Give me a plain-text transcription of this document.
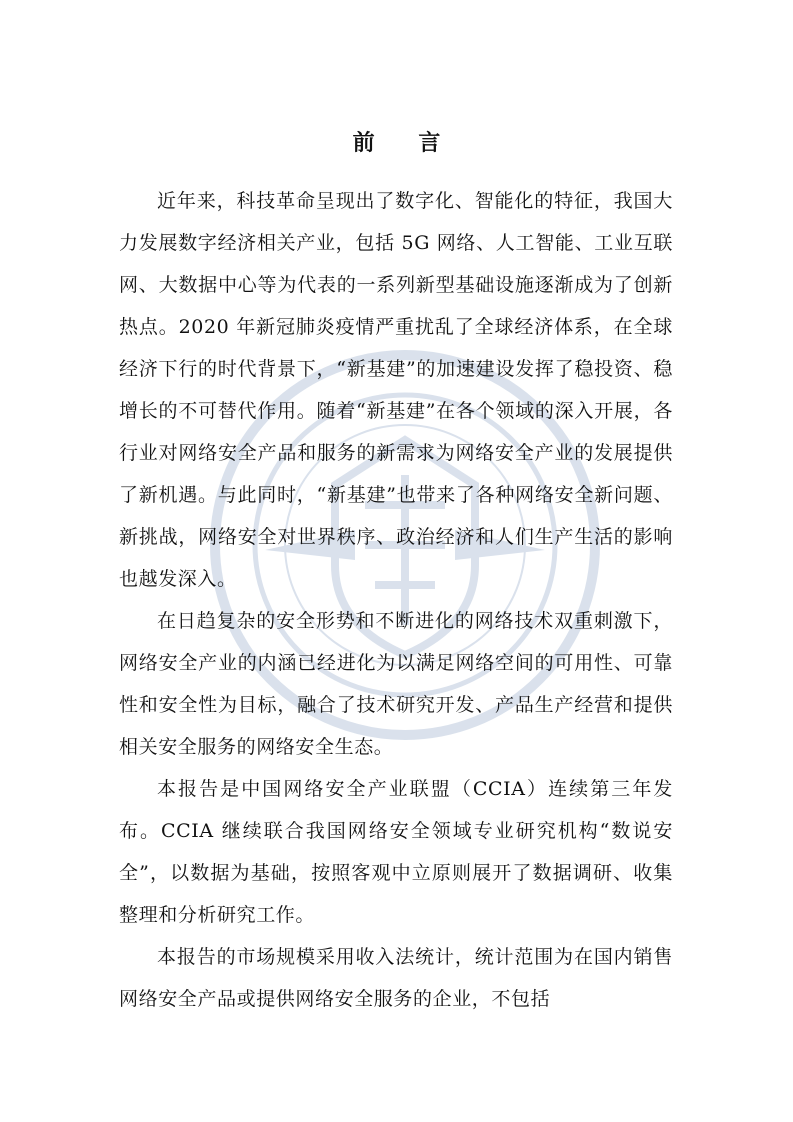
前 言

近年来，科技革命呈现出了数字化、智能化的特征，我国大力发展数字经济相关产业，包括 5G 网络、人工智能、工业互联网、大数据中心等为代表的一系列新型基础设施逐渐成为了创新热点。2020 年新冠肺炎疫情严重扰乱了全球经济体系，在全球经济下行的时代背景下，“新基建”的加速建设发挥了稳投资、稳增长的不可替代作用。随着“新基建”在各个领域的深入开展，各行业对网络安全产品和服务的新需求为网络安全产业的发展提供了新机遇。与此同时，“新基建”也带来了各种网络安全新问题、新挑战，网络安全对世界秩序、政治经济和人们生产生活的影响也越发深入。

在日趋复杂的安全形势和不断进化的网络技术双重刺激下，网络安全产业的内涵已经进化为以满足网络空间的可用性、可靠性和安全性为目标，融合了技术研究开发、产品生产经营和提供相关安全服务的网络安全生态。

本报告是中国网络安全产业联盟（CCIA）连续第三年发布。CCIA 继续联合我国网络安全领域专业研究机构“数说安全”，以数据为基础，按照客观中立原则展开了数据调研、收集整理和分析研究工作。

本报告的市场规模采用收入法统计，统计范围为在国内销售网络安全产品或提供网络安全服务的企业，不包括
